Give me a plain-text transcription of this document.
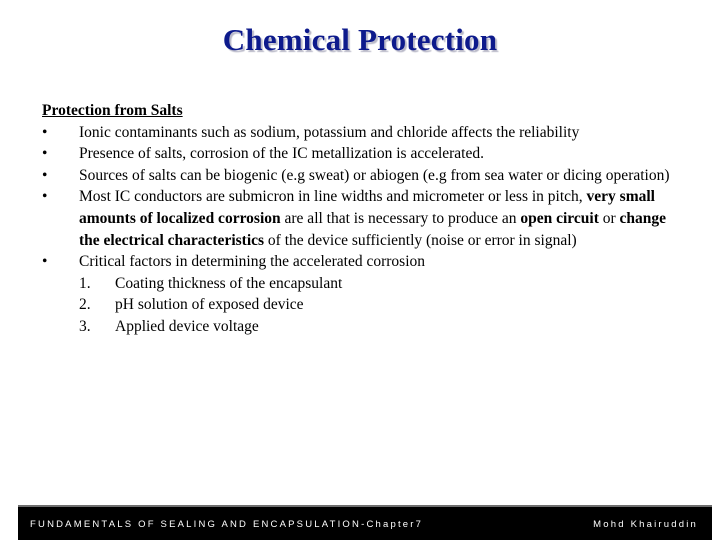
Chemical Protection
Protection from Salts
•	Ionic contaminants such as sodium, potassium and chloride affects the reliability
•	Presence of salts, corrosion of the IC metallization is accelerated.
•	Sources of salts can be biogenic (e.g sweat) or abiogen (e.g from sea water or dicing operation)
•	Most IC conductors are submicron in line widths and micrometer or less in pitch, very small amounts of localized corrosion are all that is necessary to produce an open circuit or change the electrical characteristics of the device sufficiently (noise or error in signal)
•	Critical factors in determining the accelerated corrosion
1.	Coating thickness of the encapsulant
2.	pH solution of exposed device
3.	Applied device voltage
FUNDAMENTALS OF SEALING AND ENCAPSULATION-Chapter7	Mohd Khairuddin
